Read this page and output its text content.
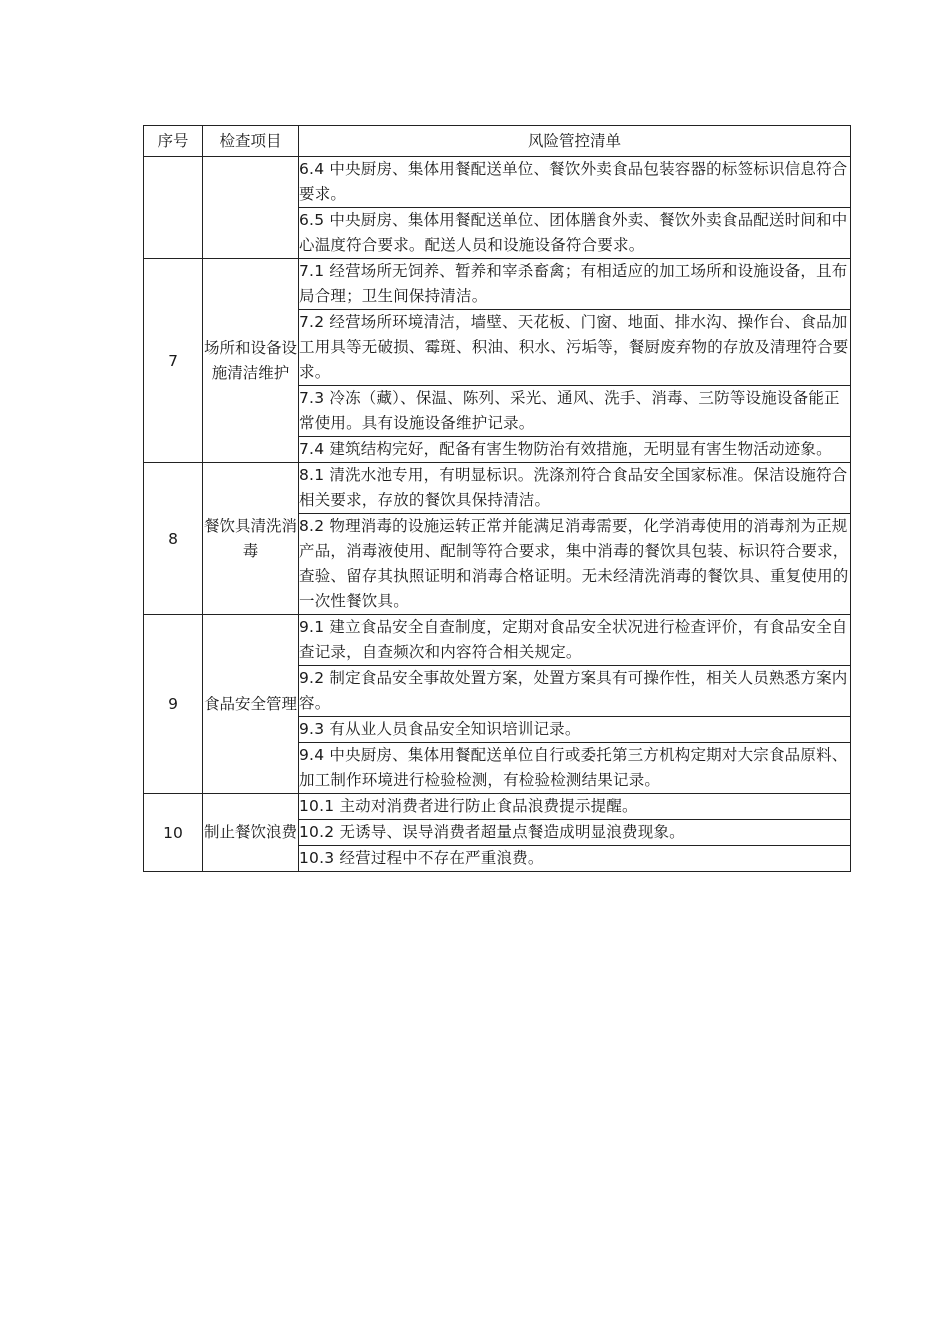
序号	检查项目	风险管控清单
		6.4 中央厨房、集体用餐配送单位、餐饮外卖食品包装容器的标签标识信息符合要求。
		6.5 中央厨房、集体用餐配送单位、团体膳食外卖、餐饮外卖食品配送时间和中心温度符合要求。配送人员和设施设备符合要求。
7	场所和设备设施清洁维护	7.1 经营场所无饲养、暂养和宰杀畜禽；有相适应的加工场所和设施设备，且布局合理；卫生间保持清洁。
		7.2 经营场所环境清洁，墙壁、天花板、门窗、地面、排水沟、操作台、食品加工用具等无破损、霉斑、积油、积水、污垢等，餐厨废弃物的存放及清理符合要求。
		7.3 冷冻（藏）、保温、陈列、采光、通风、洗手、消毒、三防等设施设备能正常使用。具有设施设备维护记录。
		7.4 建筑结构完好，配备有害生物防治有效措施，无明显有害生物活动迹象。
8	餐饮具清洗消毒	8.1 清洗水池专用，有明显标识。洗涤剂符合食品安全国家标准。保洁设施符合相关要求，存放的餐饮具保持清洁。
		8.2 物理消毒的设施运转正常并能满足消毒需要，化学消毒使用的消毒剂为正规产品，消毒液使用、配制等符合要求，集中消毒的餐饮具包装、标识符合要求，查验、留存其执照证明和消毒合格证明。无未经清洗消毒的餐饮具、重复使用的一次性餐饮具。
9	食品安全管理	9.1 建立食品安全自查制度，定期对食品安全状况进行检查评价，有食品安全自查记录，自查频次和内容符合相关规定。
		9.2 制定食品安全事故处置方案，处置方案具有可操作性，相关人员熟悉方案内容。
		9.3 有从业人员食品安全知识培训记录。
		9.4 中央厨房、集体用餐配送单位自行或委托第三方机构定期对大宗食品原料、加工制作环境进行检验检测，有检验检测结果记录。
10	制止餐饮浪费	10.1 主动对消费者进行防止食品浪费提示提醒。
		10.2 无诱导、误导消费者超量点餐造成明显浪费现象。
		10.3 经营过程中不存在严重浪费。
